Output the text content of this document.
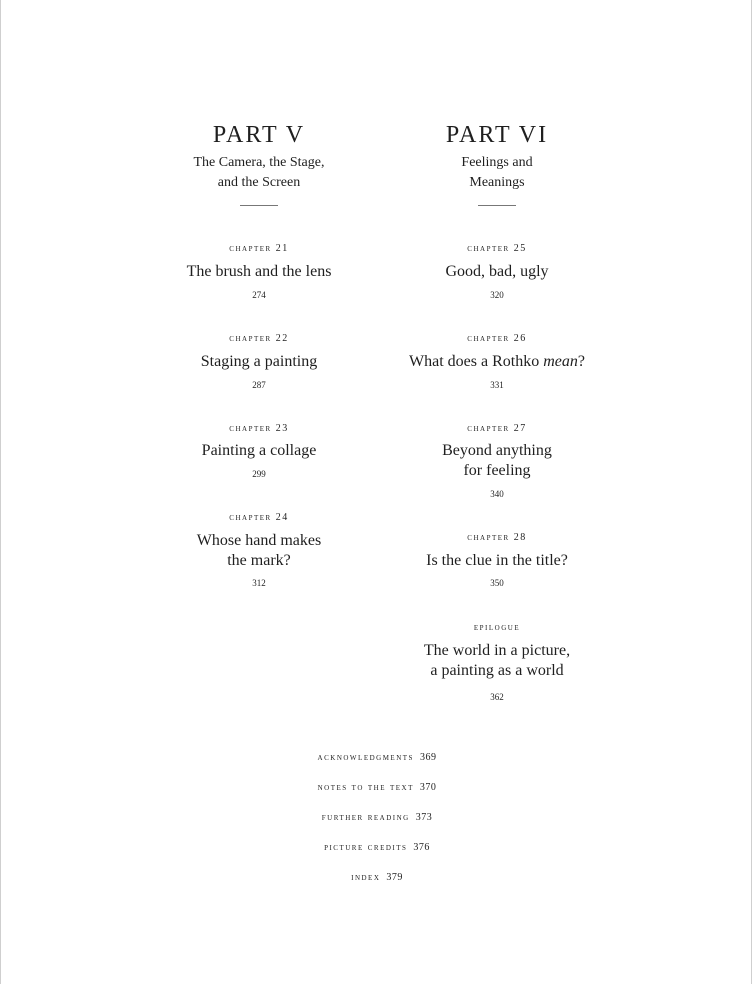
PART V
The Camera, the Stage,
and the Screen
chapter 21
The brush and the lens
274
chapter 22
Staging a painting
287
chapter 23
Painting a collage
299
chapter 24
Whose hand makes
the mark?
312
PART VI
Feelings and
Meanings
chapter 25
Good, bad, ugly
320
chapter 26
What does a Rothko mean?
331
chapter 27
Beyond anything
for feeling
340
chapter 28
Is the clue in the title?
350
epilogue
The world in a picture,
a painting as a world
362
acknowledgments 369
notes to the text 370
further reading 373
picture credits 376
index 379
